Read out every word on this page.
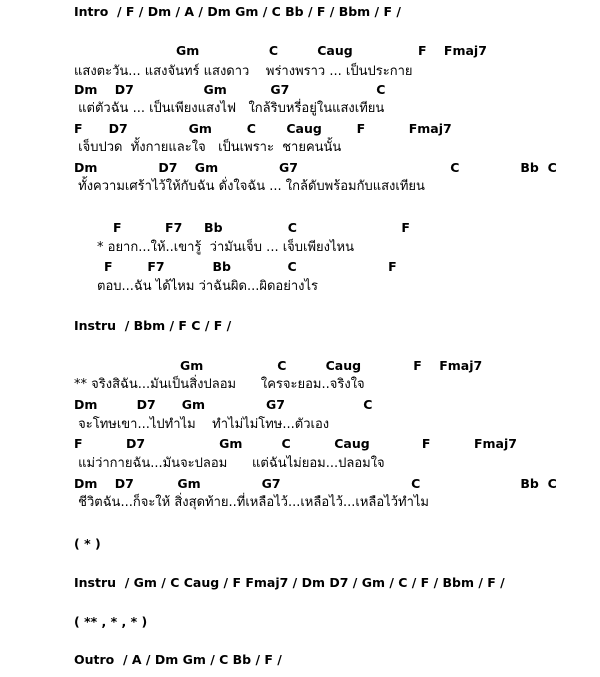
Intro  / F / Dm / A / Dm Gm / C Bb / F / Bbm / F /
Gm                C         Caug               F    Fmaj7
แสงตะวัน... แสงจันทร์ แสงดาว    พร่างพราว ... เป็นประกาย
Dm    D7                Gm          G7                    C
แต่ตัวฉัน ... เป็นเพียงแสงไฟ   ใกล้ริบหรี่อยู่ในแสงเทียน
F      D7              Gm        C       Caug        F          Fmaj7
เจ็บปวด  ทั้งกายและใจ   เป็นเพราะ  ชายคนนั้น
Dm              D7    Gm              G7                                   C              Bb  C
ทั้งความเศร้าไว้ให้กับฉัน ดั่งใจฉัน ... ใกล้ดับพร้อมกับแสงเทียน
F          F7     Bb               C                        F
* อยาก...ให้..เขารู้  ว่ามันเจ็บ ... เจ็บเพียงไหน
F        F7           Bb             C                     F
ตอบ...ฉัน ได้ไหม ว่าฉันผิด...ผิดอย่างไร
Instru  / Bbm / F C / F /
Gm                 C         Caug            F    Fmaj7
** จริงสิฉัน...มันเป็นสิ่งปลอม      ใครจะยอม..จริงใจ
Dm         D7      Gm              G7                  C
จะโทษเขา...ไปทำไม    ทำไม่ไม่โทษ...ตัวเอง
F          D7                 Gm         C          Caug            F          Fmaj7
แม่ว่ากายฉัน...มันจะปลอม      แต่ฉันไม่ยอม...ปลอมใจ
Dm    D7          Gm              G7                              C                       Bb  C
ชีวิตฉัน...ก็จะให้ สิ่งสุดท้าย..ที่เหลือไว้...เหลือไว้...เหลือไว้ทำไม
( * )
Instru  / Gm / C Caug / F Fmaj7 / Dm D7 / Gm / C / F / Bbm / F /
( ** , * , * )
Outro  / A / Dm Gm / C Bb / F /
